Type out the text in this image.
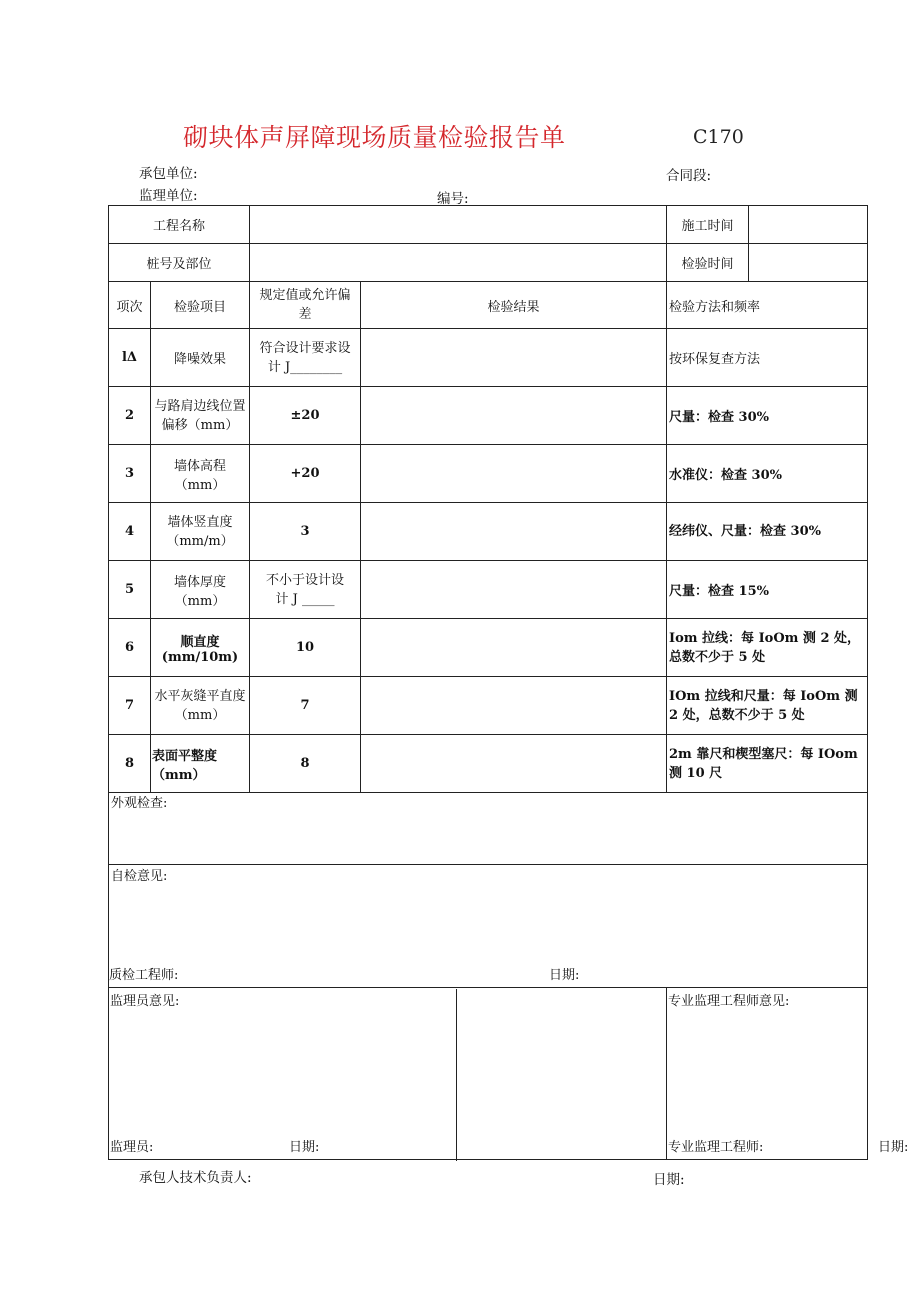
砌块体声屏障现场质量检验报告单	C170
承包单位:	合同段:
监理单位:	编号:
工程名称				施工时间	
桩号及部位				检验时间	
项次	检验项目	规定值或允许偏差	检验结果	检验方法和频率	
lΔ	降噪效果	符合设计要求设计 J________		按环保复查方法	
2	与路肩边线位置偏移（mm）	±20		尺量：检查 30%	
3	墙体高程（mm）	+20		水准仪：检查 30%	
4	墙体竖直度（mm/m）	3		经纬仪、尺量：检查 30%	
5	墙体厚度（mm）	不小于设计设计 J _____		尺量：检查 15%	
6	顺直度(mm/10m)	10		Iom 拉线：每 IoOm 测 2 处，总数不少于 5 处	
7	水平灰缝平直度（mm）	7		IOm 拉线和尺量：每 IoOm 测 2 处，总数不少于 5 处	
8	表面平整度（mm）	8		2m 靠尺和楔型塞尺：每 IOom 测 10 尺	

外观检查:					

自检意见:
质检工程师: 日期:					

监理员意见:
监理员: 日期:				专业监理工程师意见:
专业监理工程师: 日期:	
承包人技术负责人:	日期:
